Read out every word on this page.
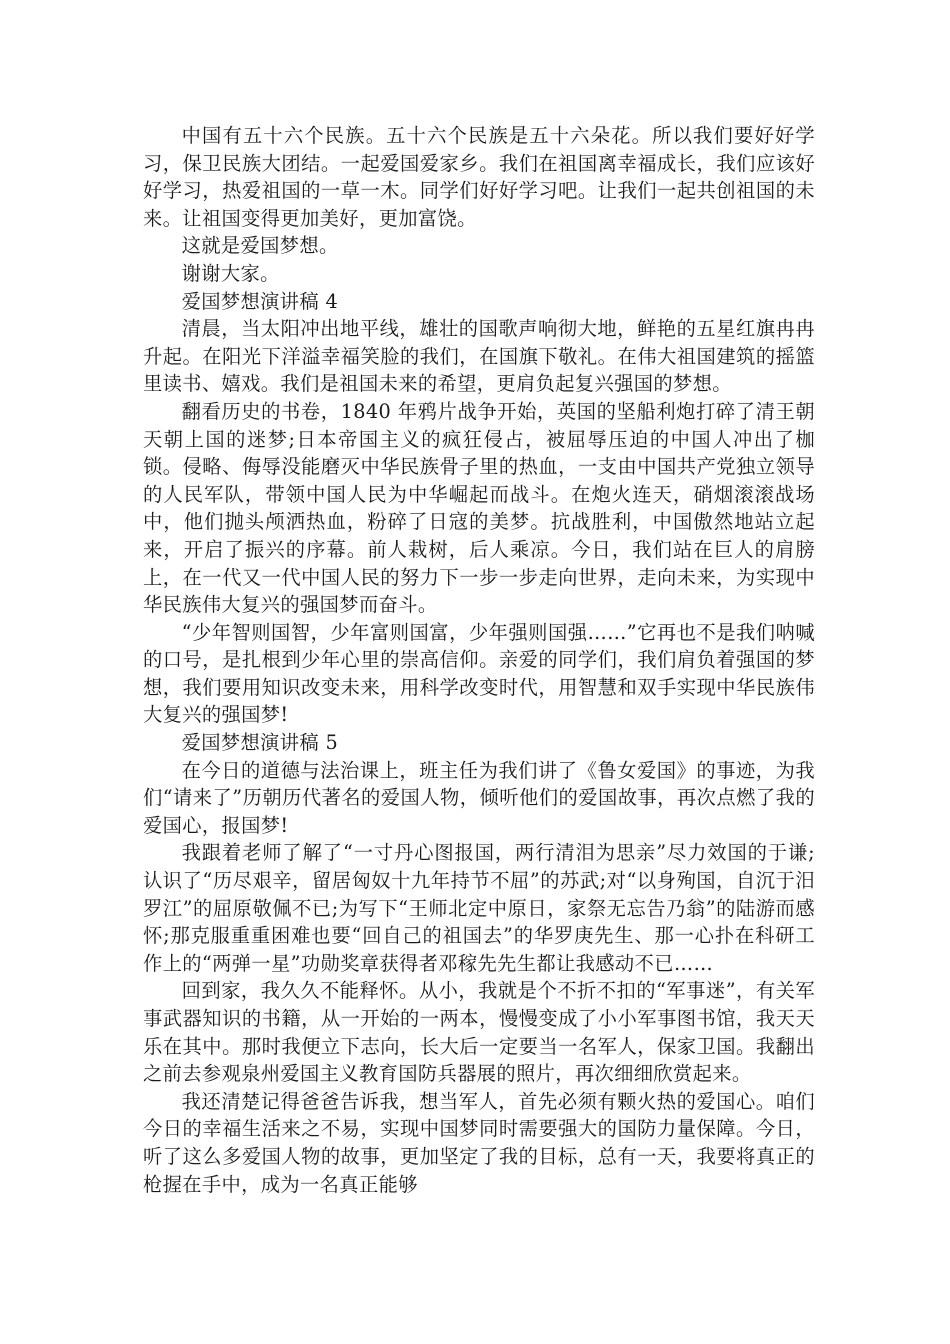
中国有五十六个民族。五十六个民族是五十六朵花。所以我们要好好学习，保卫民族大团结。一起爱国爱家乡。我们在祖国离幸福成长，我们应该好好学习，热爱祖国的一草一木。同学们好好学习吧。让我们一起共创祖国的未来。让祖国变得更加美好，更加富饶。

这就是爱国梦想。

谢谢大家。

爱国梦想演讲稿 4

清晨，当太阳冲出地平线，雄壮的国歌声响彻大地，鲜艳的五星红旗冉冉升起。在阳光下洋溢幸福笑脸的我们，在国旗下敬礼。在伟大祖国建筑的摇篮里读书、嬉戏。我们是祖国未来的希望，更肩负起复兴强国的梦想。

翻看历史的书卷，1840 年鸦片战争开始，英国的坚船利炮打碎了清王朝天朝上国的迷梦;日本帝国主义的疯狂侵占，被屈辱压迫的中国人冲出了枷锁。侵略、侮辱没能磨灭中华民族骨子里的热血，一支由中国共产党独立领导的人民军队，带领中国人民为中华崛起而战斗。在炮火连天，硝烟滚滚战场中，他们抛头颅洒热血，粉碎了日寇的美梦。抗战胜利，中国傲然地站立起来，开启了振兴的序幕。前人栽树，后人乘凉。今日，我们站在巨人的肩膀上，在一代又一代中国人民的努力下一步一步走向世界，走向未来，为实现中华民族伟大复兴的强国梦而奋斗。

“少年智则国智，少年富则国富，少年强则国强……”它再也不是我们呐喊的口号，是扎根到少年心里的崇高信仰。亲爱的同学们，我们肩负着强国的梦想，我们要用知识改变未来，用科学改变时代，用智慧和双手实现中华民族伟大复兴的强国梦!

爱国梦想演讲稿 5

在今日的道德与法治课上，班主任为我们讲了《鲁女爱国》的事迹，为我们“请来了”历朝历代著名的爱国人物，倾听他们的爱国故事，再次点燃了我的爱国心，报国梦!

我跟着老师了解了“一寸丹心图报国，两行清泪为思亲”尽力效国的于谦;认识了“历尽艰辛，留居匈奴十九年持节不屈”的苏武;对“以身殉国，自沉于汨罗江”的屈原敬佩不已;为写下“王师北定中原日，家祭无忘告乃翁”的陆游而感怀;那克服重重困难也要“回自己的祖国去”的华罗庚先生、那一心扑在科研工作上的“两弹一星”功勋奖章获得者邓稼先先生都让我感动不已……

回到家，我久久不能释怀。从小，我就是个不折不扣的“军事迷”，有关军事武器知识的书籍，从一开始的一两本，慢慢变成了小小军事图书馆，我天天乐在其中。那时我便立下志向，长大后一定要当一名军人，保家卫国。我翻出之前去参观泉州爱国主义教育国防兵器展的照片，再次细细欣赏起来。

我还清楚记得爸爸告诉我，想当军人，首先必须有颗火热的爱国心。咱们今日的幸福生活来之不易，实现中国梦同时需要强大的国防力量保障。今日，听了这么多爱国人物的故事，更加坚定了我的目标，总有一天，我要将真正的枪握在手中，成为一名真正能够
